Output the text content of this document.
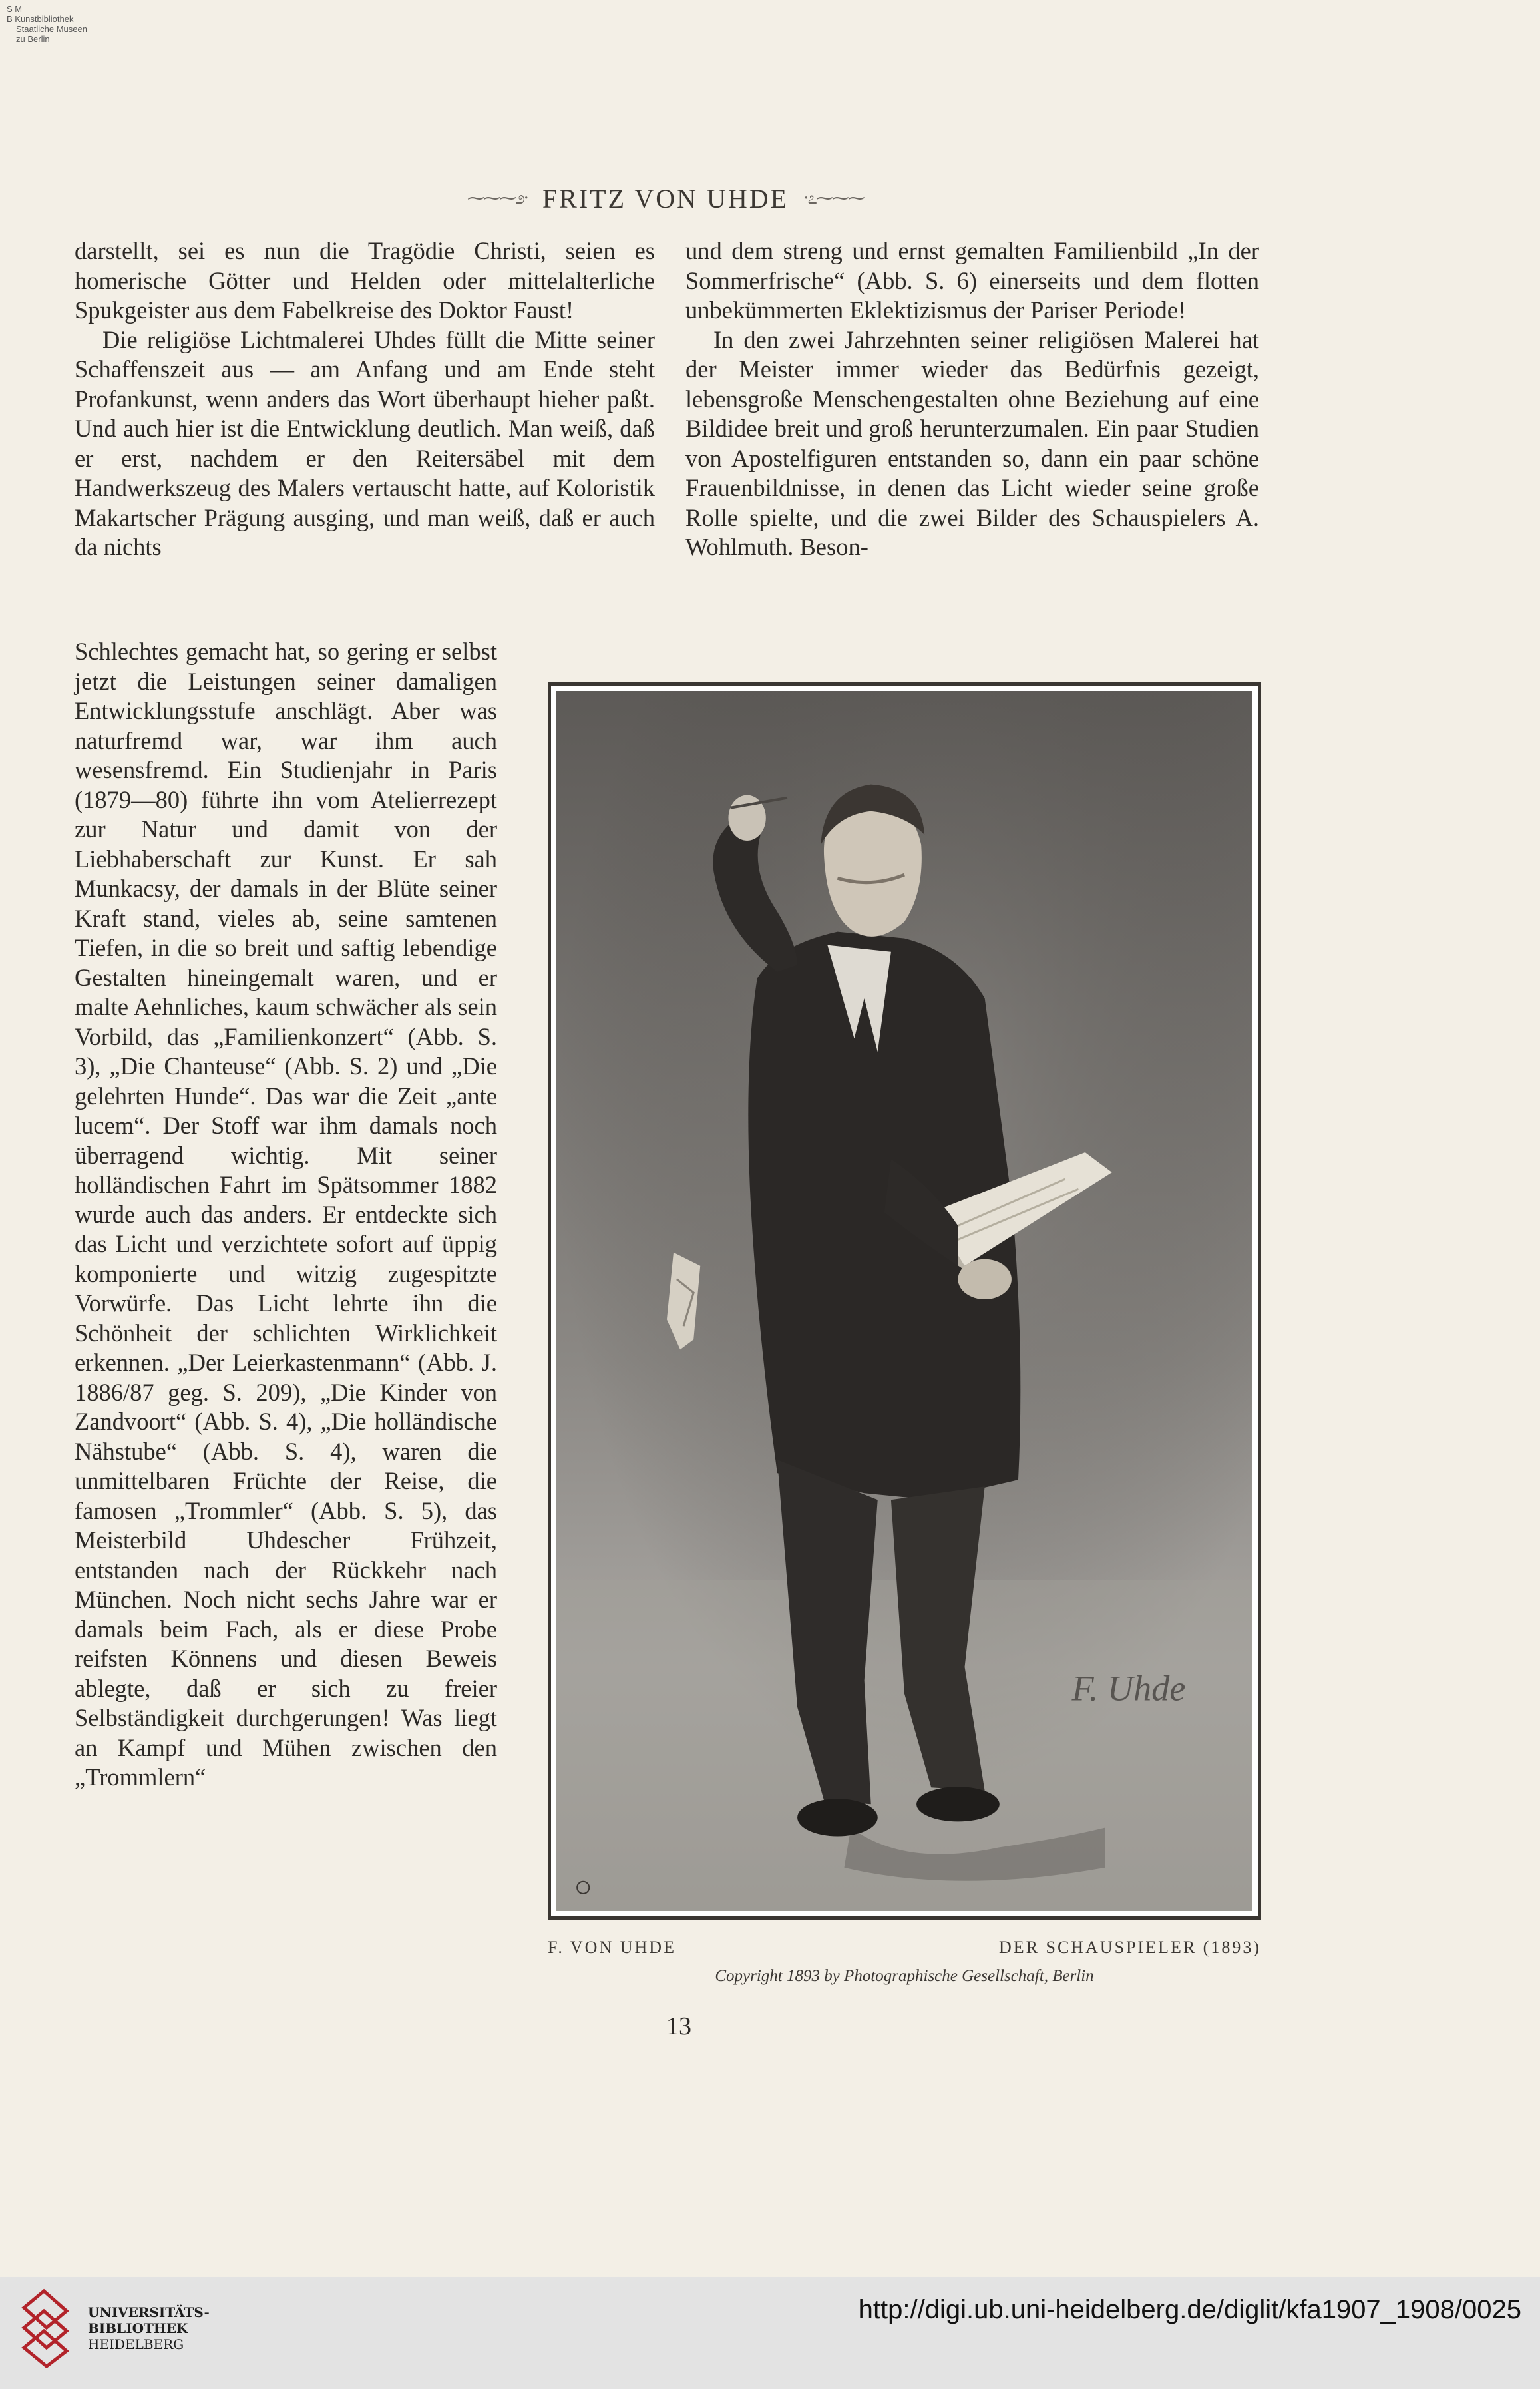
S M
B Kunstbibliothek
Staatliche Museen
zu Berlin
⁓⁓⁓೨· FRITZ VON UHDE ·೭⁓⁓⁓

darstellt, sei es nun die Tragödie Christi, seien es homerische Götter und Helden oder mittelalterliche Spukgeister aus dem Fabelkreise des Doktor Faust!

Die religiöse Lichtmalerei Uhdes füllt die Mitte seiner Schaffenszeit aus — am Anfang und am Ende steht Profankunst, wenn anders das Wort überhaupt hieher paßt. Und auch hier ist die Entwicklung deutlich. Man weiß, daß er erst, nachdem er den Reitersäbel mit dem Handwerkszeug des Malers vertauscht hatte, auf Koloristik Makartscher Prägung ausging, und man weiß, daß er auch da nichts

und dem streng und ernst gemalten Familienbild „In der Sommerfrische“ (Abb. S. 6) einerseits und dem flotten unbekümmerten Eklektizismus der Pariser Periode!

In den zwei Jahrzehnten seiner religiösen Malerei hat der Meister immer wieder das Bedürfnis gezeigt, lebensgroße Menschengestalten ohne Beziehung auf eine Bildidee breit und groß herunterzumalen. Ein paar Studien von Apostelfiguren entstanden so, dann ein paar schöne Frauenbildnisse, in denen das Licht wieder seine große Rolle spielte, und die zwei Bilder des Schauspielers A. Wohlmuth. Beson-

Schlechtes gemacht hat, so gering er selbst jetzt die Leistungen seiner damaligen Entwicklungsstufe anschlägt. Aber was naturfremd war, war ihm auch wesensfremd. Ein Studienjahr in Paris (1879—80) führte ihn vom Atelierrezept zur Natur und damit von der Liebhaberschaft zur Kunst. Er sah Munkacsy, der damals in der Blüte seiner Kraft stand, vieles ab, seine samtenen Tiefen, in die so breit und saftig lebendige Gestalten hineingemalt waren, und er malte Aehnliches, kaum schwächer als sein Vorbild, das „Familienkonzert“ (Abb. S. 3), „Die Chanteuse“ (Abb. S. 2) und „Die gelehrten Hunde“. Das war die Zeit „ante lucem“. Der Stoff war ihm damals noch überragend wichtig. Mit seiner holländischen Fahrt im Spätsommer 1882 wurde auch das anders. Er entdeckte sich das Licht und verzichtete sofort auf üppig komponierte und witzig zugespitzte Vorwürfe. Das Licht lehrte ihn die Schönheit der schlichten Wirklichkeit erkennen. „Der Leierkastenmann“ (Abb. J. 1886/87 geg. S. 209), „Die Kinder von Zandvoort“ (Abb. S. 4), „Die holländische Nähstube“ (Abb. S. 4), waren die unmittelbaren Früchte der Reise, die famosen „Trommler“ (Abb. S. 5), das Meisterbild Uhdescher Frühzeit, entstanden nach der Rückkehr nach München. Noch nicht sechs Jahre war er damals beim Fach, als er diese Probe reifsten Könnens und diesen Beweis ablegte, daß er sich zu freier Selbständigkeit durchgerungen! Was liegt an Kampf und Mühen zwischen den „Trommlern“

F. Uhde
F. VON UHDE	DER SCHAUSPIELER (1893)
Copyright 1893 by Photographische Gesellschaft, Berlin
13
UNIVERSITÄTS-
BIBLIOTHEK
HEIDELBERG
http://digi.ub.uni-heidelberg.de/diglit/kfa1907_1908/0025
